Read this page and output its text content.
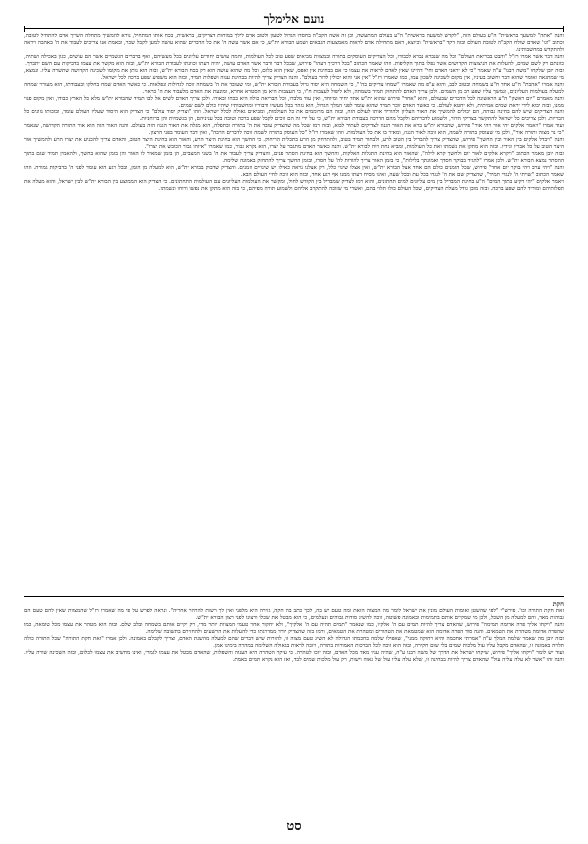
נועם אלימלך

והנה "אתה" למשעך בראשית" ה"ע בעולם הזה, "לקדש למשעה בראשית" ה"ע בעולם המתעשה, וכן זה אשה הקב"ה בחסדו הגדול לטעון ולטוב אדם לילך במוחות דצדיקים, בראשית, בכח אותו המתחיל, נורא להמשיך מתחלה השייך אדם להתחיל לטובה, וכתוב "וגו' שאדם שולח הקב"ה לטובת העולם ובזה דקד "בראשית" וכיוצא, דאם מתחילה אדם לראות מאמצעות הגבאים ושמע הבורא ית"ש, כי אם אשר עשה ה' את כל הדברים שהוא עושה למען לקבל שכר, ובאמת אנו צריכים לעבוד את ה' באהבה ויראה ולהתקדש במחשבותינו.

והנה דבר אשר אמרו רז"ל "והבט בבריאת העולם" וכל מה שנברא נברא לכבודו, וכל הצדיקים העוסקים בתורה ובמצוות מביאים שפע טוב לכל העולמות, והמה עושים יחודים עליונים בכל מעשיהם, ואף בדברים הגשמיים אשר הם עושים, כגון באכילה ושתיה, כוונתם רק לשם שמים, להעלות את הניצוצות הקדושים אשר נפלו בתוך הקליפות. וזהו שאמר הכתוב "בכל דרכיך דעהו" פירוש, שבכל דבר ודבר אשר האדם עושה, יהיה דעתו וכוונתו לעבודת הבורא ית"ש, ובזה הוא מקשר את עצמו בדביקות עם השם יתברך.

ובזה יובן שלקחו "משה רבנו" ע"ה שאמר "כי לא יראני האדם וחי" דהיינו שאין לאדם לראות את עצמו כי אם בבחינת אין ואפס, שאין הוא כלום, וכל מה שהוא עושה הוא רק בכח הבורא ית"ש, ובזה הוא נותן את מקומו לשכינה הקדושה שתשרה עליו. ונמצא, מי שמתגאה ואומר שהוא דבר וחשוב בעיניו, אין מקום לשכינה לשכון עמו, כמו שאמרו רז"ל "אין אני והוא יכולין לדור בעולם". והנה הצדיק צריך להיות בבחינת ענוה ושפלות תמיד, ובזה הוא משפיע שפע ברכה לכל ישראל.

והנה אמרו "אהבת" ה"ע אחד ח"ע בשמחה ובטוב לבב, והוא ע"פ מה שאמרו "שמחו צדיקים בה'", כי השמחה היא יסוד גדול בעבודת הבורא ית"ש, ומי שעובד את ה' בשמחה זוכה לגדולות ונפלאות. כי כאשר האדם שמח בחלקו ובעבודתו, הוא מעורר שמחה למעלה בעולמות העליונים, ונמשך עליו שפע רב מן השמים. ולכן צריך האדם להתחזק תמיד בשמחה, ולא ליפול לעצבות ח"ו, כי העצבות היא מן הסטרא אחרא, ומונעת את האדם מלעבוד את ה' כראוי.

והנה מאמרם "יום ראשון" ה"ע הראשונה לכל הדברים שבעולם, והוא "אחד" פירוש שהוא ית"ש אחד יחיד ומיוחד, ואין עוד מלבדו, וכל הבריאה כולה היא בכחו ובאורו. ולכן צריך האדם לשים אל לבו תמיד שהבורא ית"ש מלא כל הארץ כבודו, ואין מקום פנוי ממנו, ובזה יבוא לידי יראת שמים אמיתית, ולא יחטא לעולם. כי כאשר האדם זוכר תמיד שהוא עומד לפני המלך הגדול, הוא נזהר בכל מעשיו ודבוריו ומחשבותיו שיהיו כולם לשם שמים.

והנה הצדיקים שיש להם בחינה גבוהה, הם יכולים להמשיך את האור העליון ולהוריד אותו לעולם הזה, ובזה הם מרוממים את כל העולמות, ומביאים גאולה לכלל ישראל. וזהו "וצדיק יסוד עולם" כי הצדיק הוא היסוד שעליו העולם עומד, ובזכותו נזונים כל הבריות. ולכן צריכים כל ישראל להתקשר בצדיקי הדור, ולשמוע לדבריהם ולקבל מהם הדרכה בעבודת הבורא ית"ש, כי על ידי זה הם זוכים לקבל שפע ברכה וטובה בכל עניניהם, הן בגשמיות והן ברוחניות.

ועוד אמרו "ויאמר אלקים יהי אור ויהי אור" פירוש, שהבורא ית"ש ברא את האור הגנוז לצדיקים לעתיד לבוא, ובזה רמז שכל מה שהצדיק עובד את ה' בתורה ובתפלה, הוא מגלה את האור הגנוז הזה בעולם. והנה האור הזה הוא אור התורה הקדושה, שנאמר "כי נר מצוה ותורה אור", ולכן מי שעוסק בתורה לשמה, הוא זוכה לאור הגנוז, ומאיר בו את כל העולמות. וזהו שאמרו רז"ל "כל העוסק בתורה לשמה זוכה לדברים הרבה", ואין דבר העומד בפני הרצון.

והנה "ויבדל אלקים בין האור ובין החשך" פירוש, שהצדיק צריך להבדיל בין הטוב לרע, ולבחור תמיד בטוב, ולהתרחק מן הרע בתכלית הריחוק. כי החשך הוא בחינת היצר הרע, והאור הוא בחינת היצר הטוב, והאדם צריך להכניע את יצרו הרע ולהמשיך אור היצר הטוב על כל אבריו וגידיו. ובזה הוא מתקן את נשמתו ואת כל העולמות, ומביא נחת רוח לבורא ית"ש. והנה כאשר האדם מתגבר על יצרו, הוא נקרא גבור, כמו שאמרו "איזהו גבור הכובש את יצרו".

ובזה יובן מאמר הכתוב "ויקרא אלקים לאור יום ולחשך קרא לילה", שהאור הוא בחינת התגלות האלקות, והחשך הוא בחינת הסתר פנים, והצדיק צריך לעבוד את ה' בשני המצבים, הן בזמן שמאיר לו האור והן בזמן שהוא בחשך, ולהאמין תמיד שגם בתוך ההסתר נמצא הבורא ית"ש. ולכן אמרו "להגיד בבוקר חסדך ואמונתך בלילות", כי בזמן האור צריך להודות לה' על חסדו, ובזמן החשך צריך להתחזק באמונה שלימה.

והנה "ויהי ערב ויהי בוקר יום אחד" פירוש, שכל הזמנים כולם הם אחד אצל הבורא ית"ש, ואין אצלו שינוי כלל, רק אצלנו נראה כאילו יש שינויים וזמנים. והצדיק שדבוק בבורא ית"ש, הוא למעלה מן הזמן, ובכל רגע הוא עומד לפני ה' בדביקות גמורה. וזהו שאמר הכתוב "שויתי ה' לנגדי תמיד", שהצדיק שם את ה' לנגדו בכל עת ובכל שעה, ואינו מסיח דעתו ממנו אף רגע אחד, ובזה הוא זוכה לחיי העולם הבא.

ויאמר אלקים "יהי רקיע בתוך המים" ה"ע בחינת המבדיל בין מים עליונים למים תחתונים, והוא רמז לצדיק שמבדיל בין הקודש לחול, ומקשר את העולמות העליונים עם העולמות התחתונים. כי הצדיק הוא הממוצע בין הבורא ית"ש לבין ישראל, והוא מעלה את תפלותיהם ומוריד להם שפע ברכה. ובזה מובן גודל מעלת הצדיקים, שכל העולם כולו תלוי בהם, ואשרי מי שזוכה להתקרב אליהם ולשמוע תורה מפיהם, כי בזה הוא מתקן את נפשו ורוחו ונשמתו.

חקת

זאת חקת התורה וכו'. פירש"י "לפי שהשטן ואומות העולם מונין את ישראל לומר מה המצוה הזאת ומה טעם יש בה, לכך כתב בה חקה, גזירה היא מלפני ואין לך רשות להרהר אחריה". ונראה לפרש על פי מה שאמרו רז"ל שהמצוות שאין להם טעם הם גבוהות מאד, והם למעלה מן השכל, ולכן מי שמקיים אותם בתמימות ובאמונה פשוטה, זוכה להשיג סודות גבוהים ונעלמים, כי הוא מבטל את שכלו ורצונו לפני רצון הבורא ית"ש.

והנה "ויקחו אליך פרה אדומה תמימה" פירוש, שהאדם צריך להיות תמים עם ה' אלקיו, כמו שנאמר "תמים תהיה עם ה' אלקיך", ולא יחקור אחר טעמי המצוות יותר מדי, רק יקיים אותם בשמחה ובלב שלם. ובזה הוא מטהר את עצמו מכל טומאה, כמו שהפרה אדומה מטהרת את הטמאים. והנה סוד הפרה אדומה הוא שמטמאת את הטהורים ומטהרת את הטמאים, ורמז בזה שהצדיק יורד ממדרגתו כדי להעלות את הרשעים ולהחזירם בתשובה שלימה.

ובזה יובן מה שאמר שלמה המלך ע"ה "אמרתי אחכמה והיא רחוקה ממני", שאפילו שלמה בחכמתו הגדולה לא השיג טעם מצוה זו, להורות שיש דברים שהם למעלה מהשגת האדם, וצריך לקבלם באמונה. ולכן אמרו "זאת חקת התורה" שכל התורה כולה תלויה באמונה זו, שהאדם מקבל עליו עול מלכות שמים בלי שום חקירה, ובזה הוא זוכה לכל הברכות האמורות בתורה, ויזכה לראות בגאולה השלימה במהרה בימינו אמן.

ועוד יש לומר "ויקחו אליך" פירוש, שיקחו ישראל את הדרך של משה רבנו ע"ה, שהיה עניו מאד מכל האדם, ובזה יזכו לטהרה. כי עיקר הטהרה היא הענוה והשפלות, שהאדם מבטל את עצמו לגמרי, ואינו מחשיב את עצמו לכלום, ובזה השכינה שורה עליו. והנה זהו "אשר לא עלה עליה עול" שהאדם צריך להיות בבחינה זו, שלא עלה עליו עול של גאוה וישות, רק עול מלכות שמים לבד, ואז הוא נקרא תמים באמת.

סט
